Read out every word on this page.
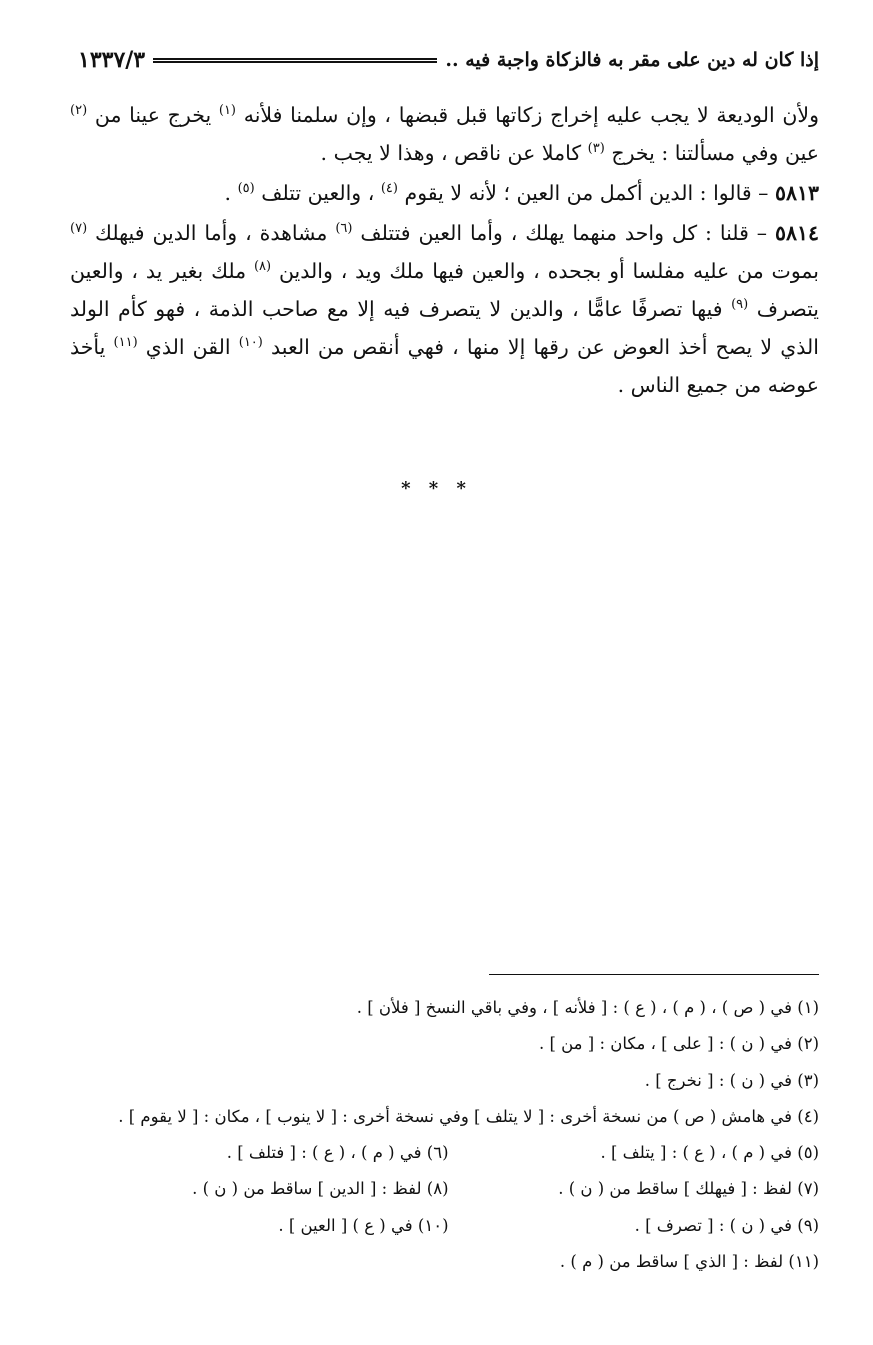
إذا كان له دين على مقر به فالزكاة واجبة فيه ..
١٣٣٧/٣

ولأن الوديعة لا يجب عليه إخراج زكاتها قبل قبضها ، وإن سلمنا فلأنه $^{(١)}$ يخرج عينا من $^{(٢)}$ عين وفي مسألتنا : يخرج $^{(٣)}$ كاملا عن ناقص ، وهذا لا يجب .

٥٨١٣ – قالوا : الدين أكمل من العين ؛ لأنه لا يقوم $^{(٤)}$ ، والعين تتلف $^{(٥)}$ .

٥٨١٤ – قلنا : كل واحد منهما يهلك ، وأما العين فتتلف $^{(٦)}$ مشاهدة ، وأما الدين فيهلك $^{(٧)}$ بموت من عليه مفلسا أو بجحده ، والعين فيها ملك ويد ، والدين $^{(٨)}$ ملك بغير يد ، والعين يتصرف $^{(٩)}$ فيها تصرفًا عامًّا ، والدين لا يتصرف فيه إلا مع صاحب الذمة ، فهو كأم الولد الذي لا يصح أخذ العوض عن رقها إلا منها ، فهي أنقص من العبد $^{(١٠)}$ القن الذي $^{(١١)}$ يأخذ عوضه من جميع الناس .

* * *
(١) في ( ص ) ، ( م ) ، ( ع ) : [ فلأنه ] ، وفي باقي النسخ [ فلأن ] .
(٢) في ( ن ) : [ على ] ، مكان : [ من ] .
(٣) في ( ن ) : [ نخرج ] .
(٤) في هامش ( ص ) من نسخة أخرى : [ لا يتلف ] وفي نسخة أخرى : [ لا ينوب ] ، مكان : [ لا يقوم ] .
(٥) في ( م ) ، ( ع ) : [ يتلف ] .
(٦) في ( م ) ، ( ع ) : [ فتلف ] .
(٧) لفظ : [ فيهلك ] ساقط من ( ن ) .
(٨) لفظ : [ الدين ] ساقط من ( ن ) .
(٩) في ( ن ) : [ تصرف ] .
(١٠) في ( ع ) [ العين ] .
(١١) لفظ : [ الذي ] ساقط من ( م ) .
